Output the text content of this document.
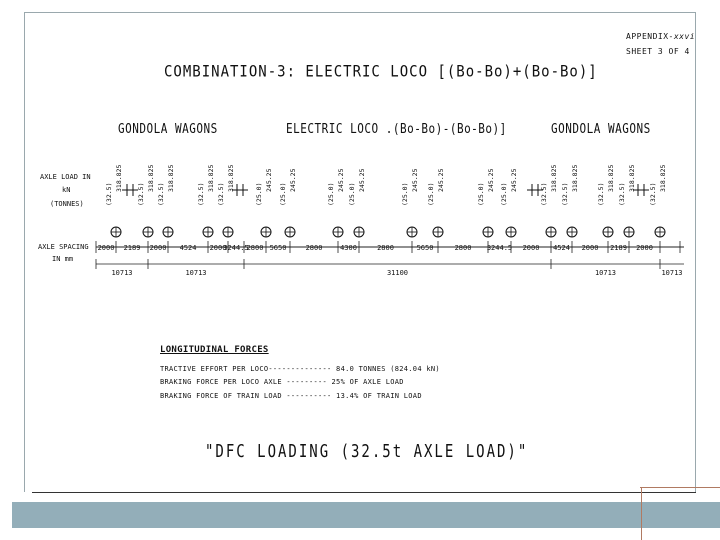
APPENDIX-xxvi
SHEET 3 OF 4
COMBINATION-3: ELECTRIC LOCO [(Bo-Bo)+(Bo-Bo)]
GONDOLA WAGONS	ELECTRIC LOCO .(Bo-Bo)-(Bo-Bo)]	GONDOLA WAGONS
AXLE LOAD IN
kN
(TONNES)
AXLE SPACING
IN mm
(32.5)
318.825
(32.5)
318.825
(32.5)
318.825
(32.5)
318.825
(32.5)
318.825
(25.0)
245.25
(25.0)
245.25
(25.0)
245.25
(25.0)
245.25
(25.0)
245.25
(25.0)
245.25
(25.0)
245.25
(25.0)
245.25
(32.5)
318.825
(32.5)
318.825
(32.5)
318.825
(32.5)
318.825
(32.5)
318.825
2000 2189 2000 4524 2000
3244.5
2800 5650	2800	4300	2800	5650	2800 3244.5 2000 4524 2000 2189 2000
10713	10713	31100	10713	10713
LONGITUDINAL FORCES
TRACTIVE EFFORT PER LOCO-------------- 84.0 TONNES (824.04 kN)
BRAKING FORCE PER LOCO AXLE --------- 25% OF AXLE LOAD
BRAKING FORCE OF TRAIN LOAD ---------- 13.4% OF TRAIN LOAD
"DFC LOADING (32.5t AXLE LOAD)"
